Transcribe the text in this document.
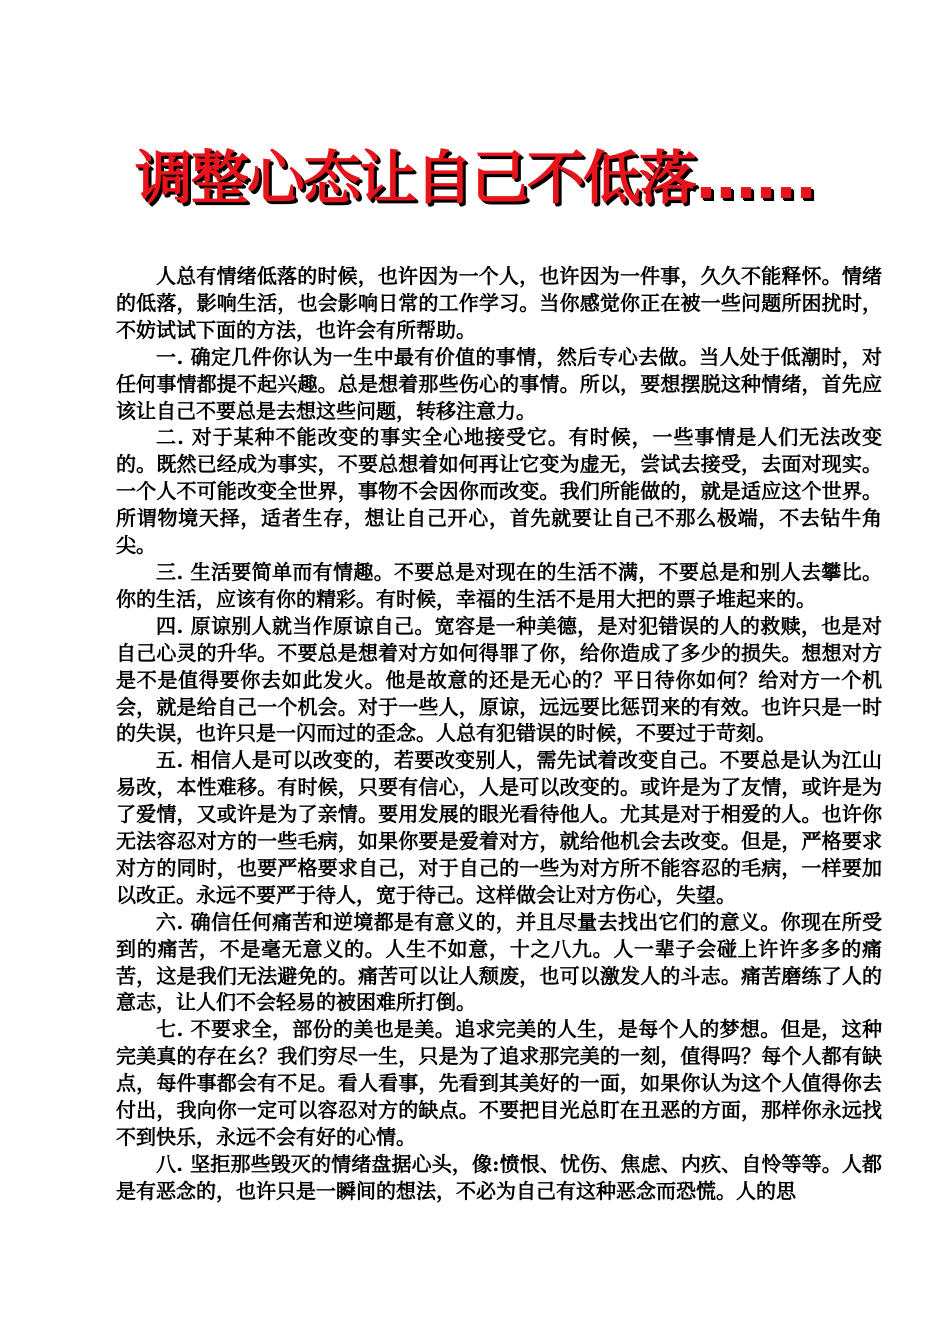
调整心态让自己不低落......

人总有情绪低落的时候，也许因为一个人，也许因为一件事，久久不能释怀。情绪的低落，影响生活，也会影响日常的工作学习。当你感觉你正在被一些问题所困扰时，不妨试试下面的方法，也许会有所帮助。

一. 确定几件你认为一生中最有价值的事情，然后专心去做。当人处于低潮时，对任何事情都提不起兴趣。总是想着那些伤心的事情。所以，要想摆脱这种情绪，首先应该让自己不要总是去想这些问题，转移注意力。

二. 对于某种不能改变的事实全心地接受它。有时候，一些事情是人们无法改变的。既然已经成为事实，不要总想着如何再让它变为虚无，尝试去接受，去面对现实。一个人不可能改变全世界，事物不会因你而改变。我们所能做的，就是适应这个世界。所谓物境天择，适者生存，想让自己开心，首先就要让自己不那么极端，不去钻牛角尖。

三. 生活要简单而有情趣。不要总是对现在的生活不满，不要总是和别人去攀比。你的生活，应该有你的精彩。有时候，幸福的生活不是用大把的票子堆起来的。

四. 原谅别人就当作原谅自己。宽容是一种美德，是对犯错误的人的救赎，也是对自己心灵的升华。不要总是想着对方如何得罪了你，给你造成了多少的损失。想想对方是不是值得要你去如此发火。他是故意的还是无心的？平日待你如何？给对方一个机会，就是给自己一个机会。对于一些人，原谅，远远要比惩罚来的有效。也许只是一时的失误，也许只是一闪而过的歪念。人总有犯错误的时候，不要过于苛刻。

五. 相信人是可以改变的，若要改变别人，需先试着改变自己。不要总是认为江山易改，本性难移。有时候，只要有信心，人是可以改变的。或许是为了友情，或许是为了爱情，又或许是为了亲情。要用发展的眼光看待他人。尤其是对于相爱的人。也许你无法容忍对方的一些毛病，如果你要是爱着对方，就给他机会去改变。但是，严格要求对方的同时，也要严格要求自己，对于自己的一些为对方所不能容忍的毛病，一样要加以改正。永远不要严于待人，宽于待己。这样做会让对方伤心，失望。

六. 确信任何痛苦和逆境都是有意义的，并且尽量去找出它们的意义。你现在所受到的痛苦，不是毫无意义的。人生不如意，十之八九。人一辈子会碰上许许多多的痛苦，这是我们无法避免的。痛苦可以让人颓废，也可以激发人的斗志。痛苦磨练了人的意志，让人们不会轻易的被困难所打倒。

七. 不要求全，部份的美也是美。追求完美的人生，是每个人的梦想。但是，这种完美真的存在幺？我们穷尽一生，只是为了追求那完美的一刻，值得吗？每个人都有缺点，每件事都会有不足。看人看事，先看到其美好的一面，如果你认为这个人值得你去付出，我向你一定可以容忍对方的缺点。不要把目光总盯在丑恶的方面，那样你永远找不到快乐，永远不会有好的心情。

八. 坚拒那些毁灭的情绪盘据心头，像:愤恨、忧伤、焦虑、内疚、自怜等等。人都是有恶念的，也许只是一瞬间的想法，不必为自己有这种恶念而恐慌。人的思
